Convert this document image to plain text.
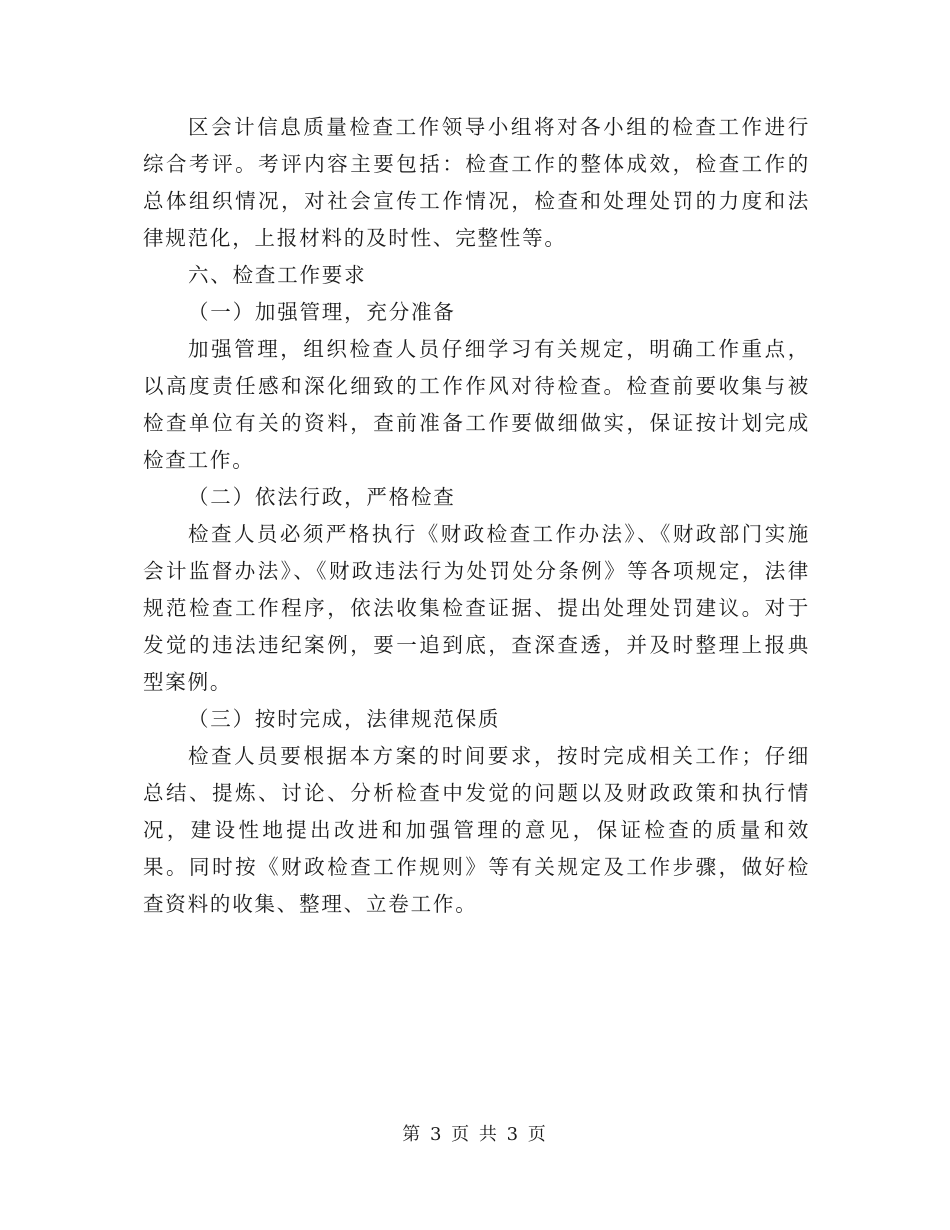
区会计信息质量检查工作领导小组将对各小组的检查工作进行综合考评。考评内容主要包括：检查工作的整体成效，检查工作的总体组织情况，对社会宣传工作情况，检查和处理处罚的力度和法律规范化，上报材料的及时性、完整性等。

六、检查工作要求

（一）加强管理，充分准备

加强管理，组织检查人员仔细学习有关规定，明确工作重点，以高度责任感和深化细致的工作作风对待检查。检查前要收集与被检查单位有关的资料，查前准备工作要做细做实，保证按计划完成检查工作。

（二）依法行政，严格检查

检查人员必须严格执行《财政检查工作办法》、《财政部门实施会计监督办法》、《财政违法行为处罚处分条例》等各项规定，法律规范检查工作程序，依法收集检查证据、提出处理处罚建议。对于发觉的违法违纪案例，要一追到底，查深查透，并及时整理上报典型案例。

（三）按时完成，法律规范保质

检查人员要根据本方案的时间要求，按时完成相关工作；仔细总结、提炼、讨论、分析检查中发觉的问题以及财政政策和执行情况，建设性地提出改进和加强管理的意见，保证检查的质量和效果。同时按《财政检查工作规则》等有关规定及工作步骤，做好检查资料的收集、整理、立卷工作。

第 3 页 共 3 页
